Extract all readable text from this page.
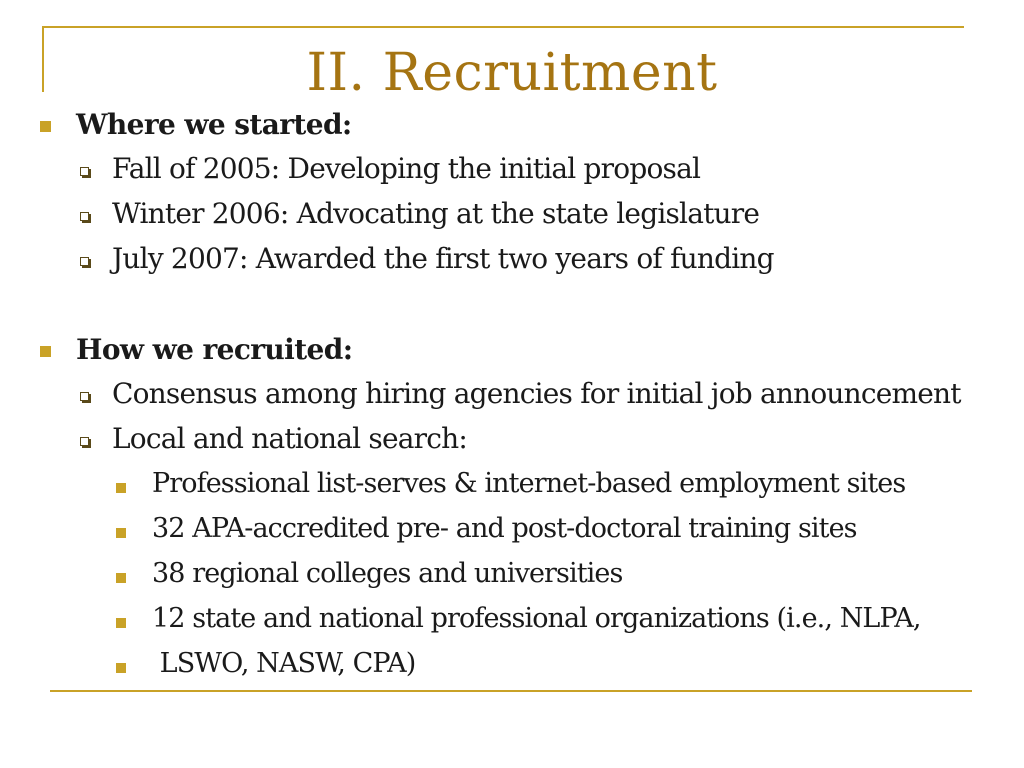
II. Recruitment
Where we started:
Fall of 2005: Developing the initial proposal
Winter 2006: Advocating at the state legislature
July 2007: Awarded the first two years of funding
How we recruited:
Consensus among hiring agencies for initial job announcement
Local and national search:
Professional list-serves & internet-based employment sites
32 APA-accredited pre- and post-doctoral training sites
38 regional colleges and universities
12 state and national professional organizations (i.e., NLPA,
LSWO, NASW, CPA)
